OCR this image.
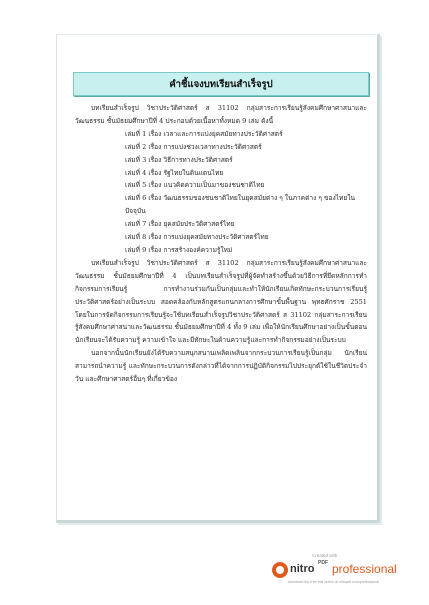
คำชี้แจงบทเรียนสำเร็จรูป

บทเรียนสำเร็จรูป วิชาประวัติศาสตร์ ส 31102 กลุ่มสาระการเรียนรู้สังคมศึกษาศาสนาและวัฒนธรรม ชั้นมัธยมศึกษาปีที่ 4 ประกอบด้วยเนื้อหาทั้งหมด 9 เล่ม ดังนี้

เล่มที่ 1 เรื่อง เวลาและการแบ่งยุคสมัยทางประวัติศาสตร์

เล่มที่ 2 เรื่อง การแบ่งช่วงเวลาทางประวัติศาสตร์

เล่มที่ 3 เรื่อง วิธีการทางประวัติศาสตร์

เล่มที่ 4 เรื่อง รัฐไทยในดินแดนไทย

เล่มที่ 5 เรื่อง แนวคิดความเป็นมาของชนชาติไทย

เล่มที่ 6 เรื่อง วัฒนธรรมของชนชาติไทยในยุคสมัยต่าง ๆ ในภาคต่าง ๆ ของไทยในปัจจุบัน

เล่มที่ 7 เรื่อง ยุคสมัยประวัติศาสตร์ไทย

เล่มที่ 8 เรื่อง การแบ่งยุคสมัยทางประวัติศาสตร์ไทย

เล่มที่ 9 เรื่อง การสร้างองค์ความรู้ใหม่

บทเรียนสำเร็จรูป วิชาประวัติศาสตร์ ส 31102 กลุ่มสาระการเรียนรู้สังคมศึกษาศาสนาและวัฒนธรรม ชั้นมัธยมศึกษาปีที่ 4 เป็นบทเรียนสำเร็จรูปที่ผู้จัดทำสร้างขึ้นด้วยวิธีการที่ยึดหลักการทำกิจกรรมการเรียนรู้ การทำงานร่วมกันเป็นกลุ่มและทำให้นักเรียนเกิดทักษะกระบวนการเรียนรู้ประวัติศาสตร์อย่างเป็นระบบ สอดคล้องกับหลักสูตรแกนกลางการศึกษาขั้นพื้นฐาน พุทธศักราช 2551 โดยในการจัดกิจกรรมการเรียนรู้จะใช้บทเรียนสำเร็จรูปวิชาประวัติศาสตร์ ส 31102 กลุ่มสาระการเรียนรู้สังคมศึกษาศาสนาและวัฒนธรรม ชั้นมัธยมศึกษาปีที่ 4 ทั้ง 9 เล่ม เพื่อให้นักเรียนศึกษาอย่างเป็นขั้นตอน นักเรียนจะได้รับความรู้ ความเข้าใจ และมีทักษะในด้านความรู้และการทำกิจกรรมอย่างเป็นระบบ

นอกจากนั้นนักเรียนยังได้รับความสนุกสนานเพลิดเพลินจากกระบวนการเรียนรู้เป็นกลุ่ม นักเรียนสามารถนำความรู้ และทักษะกระบวนการดังกล่าวที่ได้จากการปฏิบัติกิจกรรมไปประยุกต์ใช้ในชีวิตประจำวัน และศึกษาศาสตร์อื่นๆ ที่เกี่ยวข้อง

Created with
nitro PDF professional
download the free trial online at nitropdf.com/professional
